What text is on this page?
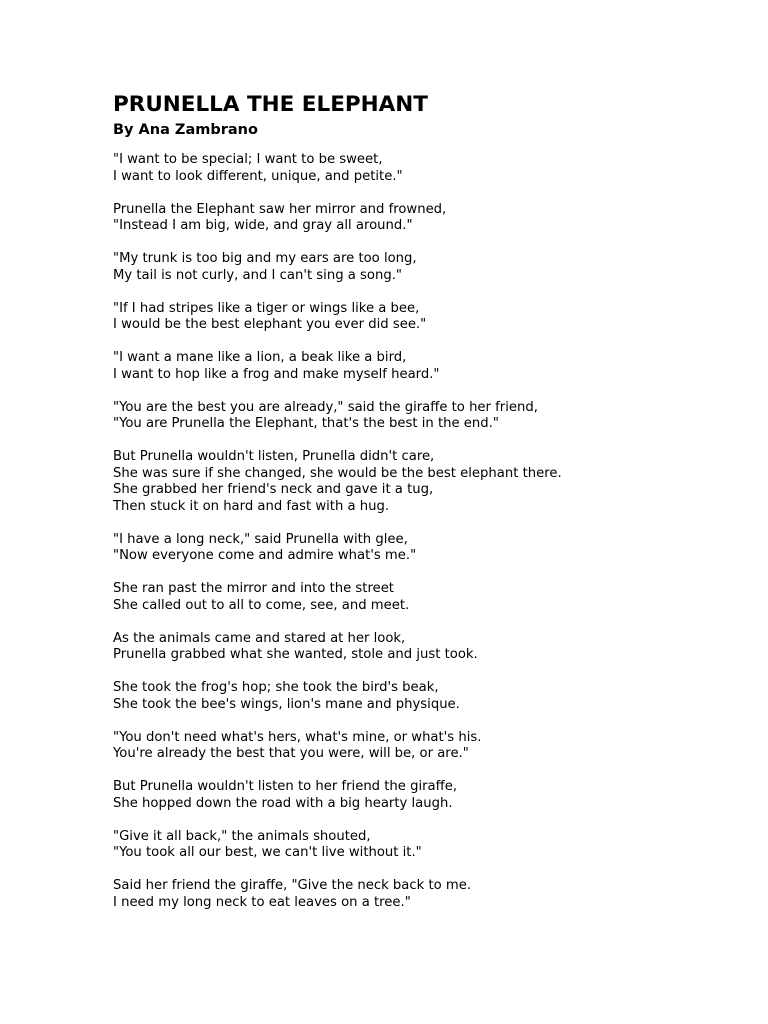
PRUNELLA THE ELEPHANT
By Ana Zambrano
"I want to be special; I want to be sweet,
I want to look different, unique, and petite."
Prunella the Elephant saw her mirror and frowned,
"Instead I am big, wide, and gray all around."
"My trunk is too big and my ears are too long,
My tail is not curly, and I can't sing a song."
"If I had stripes like a tiger or wings like a bee,
I would be the best elephant you ever did see."
"I want a mane like a lion, a beak like a bird,
I want to hop like a frog and make myself heard."
"You are the best you are already," said the giraffe to her friend,
"You are Prunella the Elephant, that's the best in the end."
But Prunella wouldn't listen, Prunella didn't care,
She was sure if she changed, she would be the best elephant there.
She grabbed her friend's neck and gave it a tug,
Then stuck it on hard and fast with a hug.
"I have a long neck," said Prunella with glee,
"Now everyone come and admire what's me."
She ran past the mirror and into the street
She called out to all to come, see, and meet.
As the animals came and stared at her look,
Prunella grabbed what she wanted, stole and just took.
She took the frog's hop; she took the bird's beak,
She took the bee's wings, lion's mane and physique.
"You don't need what's hers, what's mine, or what's his.
You're already the best that you were, will be, or are."
But Prunella wouldn't listen to her friend the giraffe,
She hopped down the road with a big hearty laugh.
"Give it all back," the animals shouted,
"You took all our best, we can't live without it."
Said her friend the giraffe, "Give the neck back to me.
I need my long neck to eat leaves on a tree."
